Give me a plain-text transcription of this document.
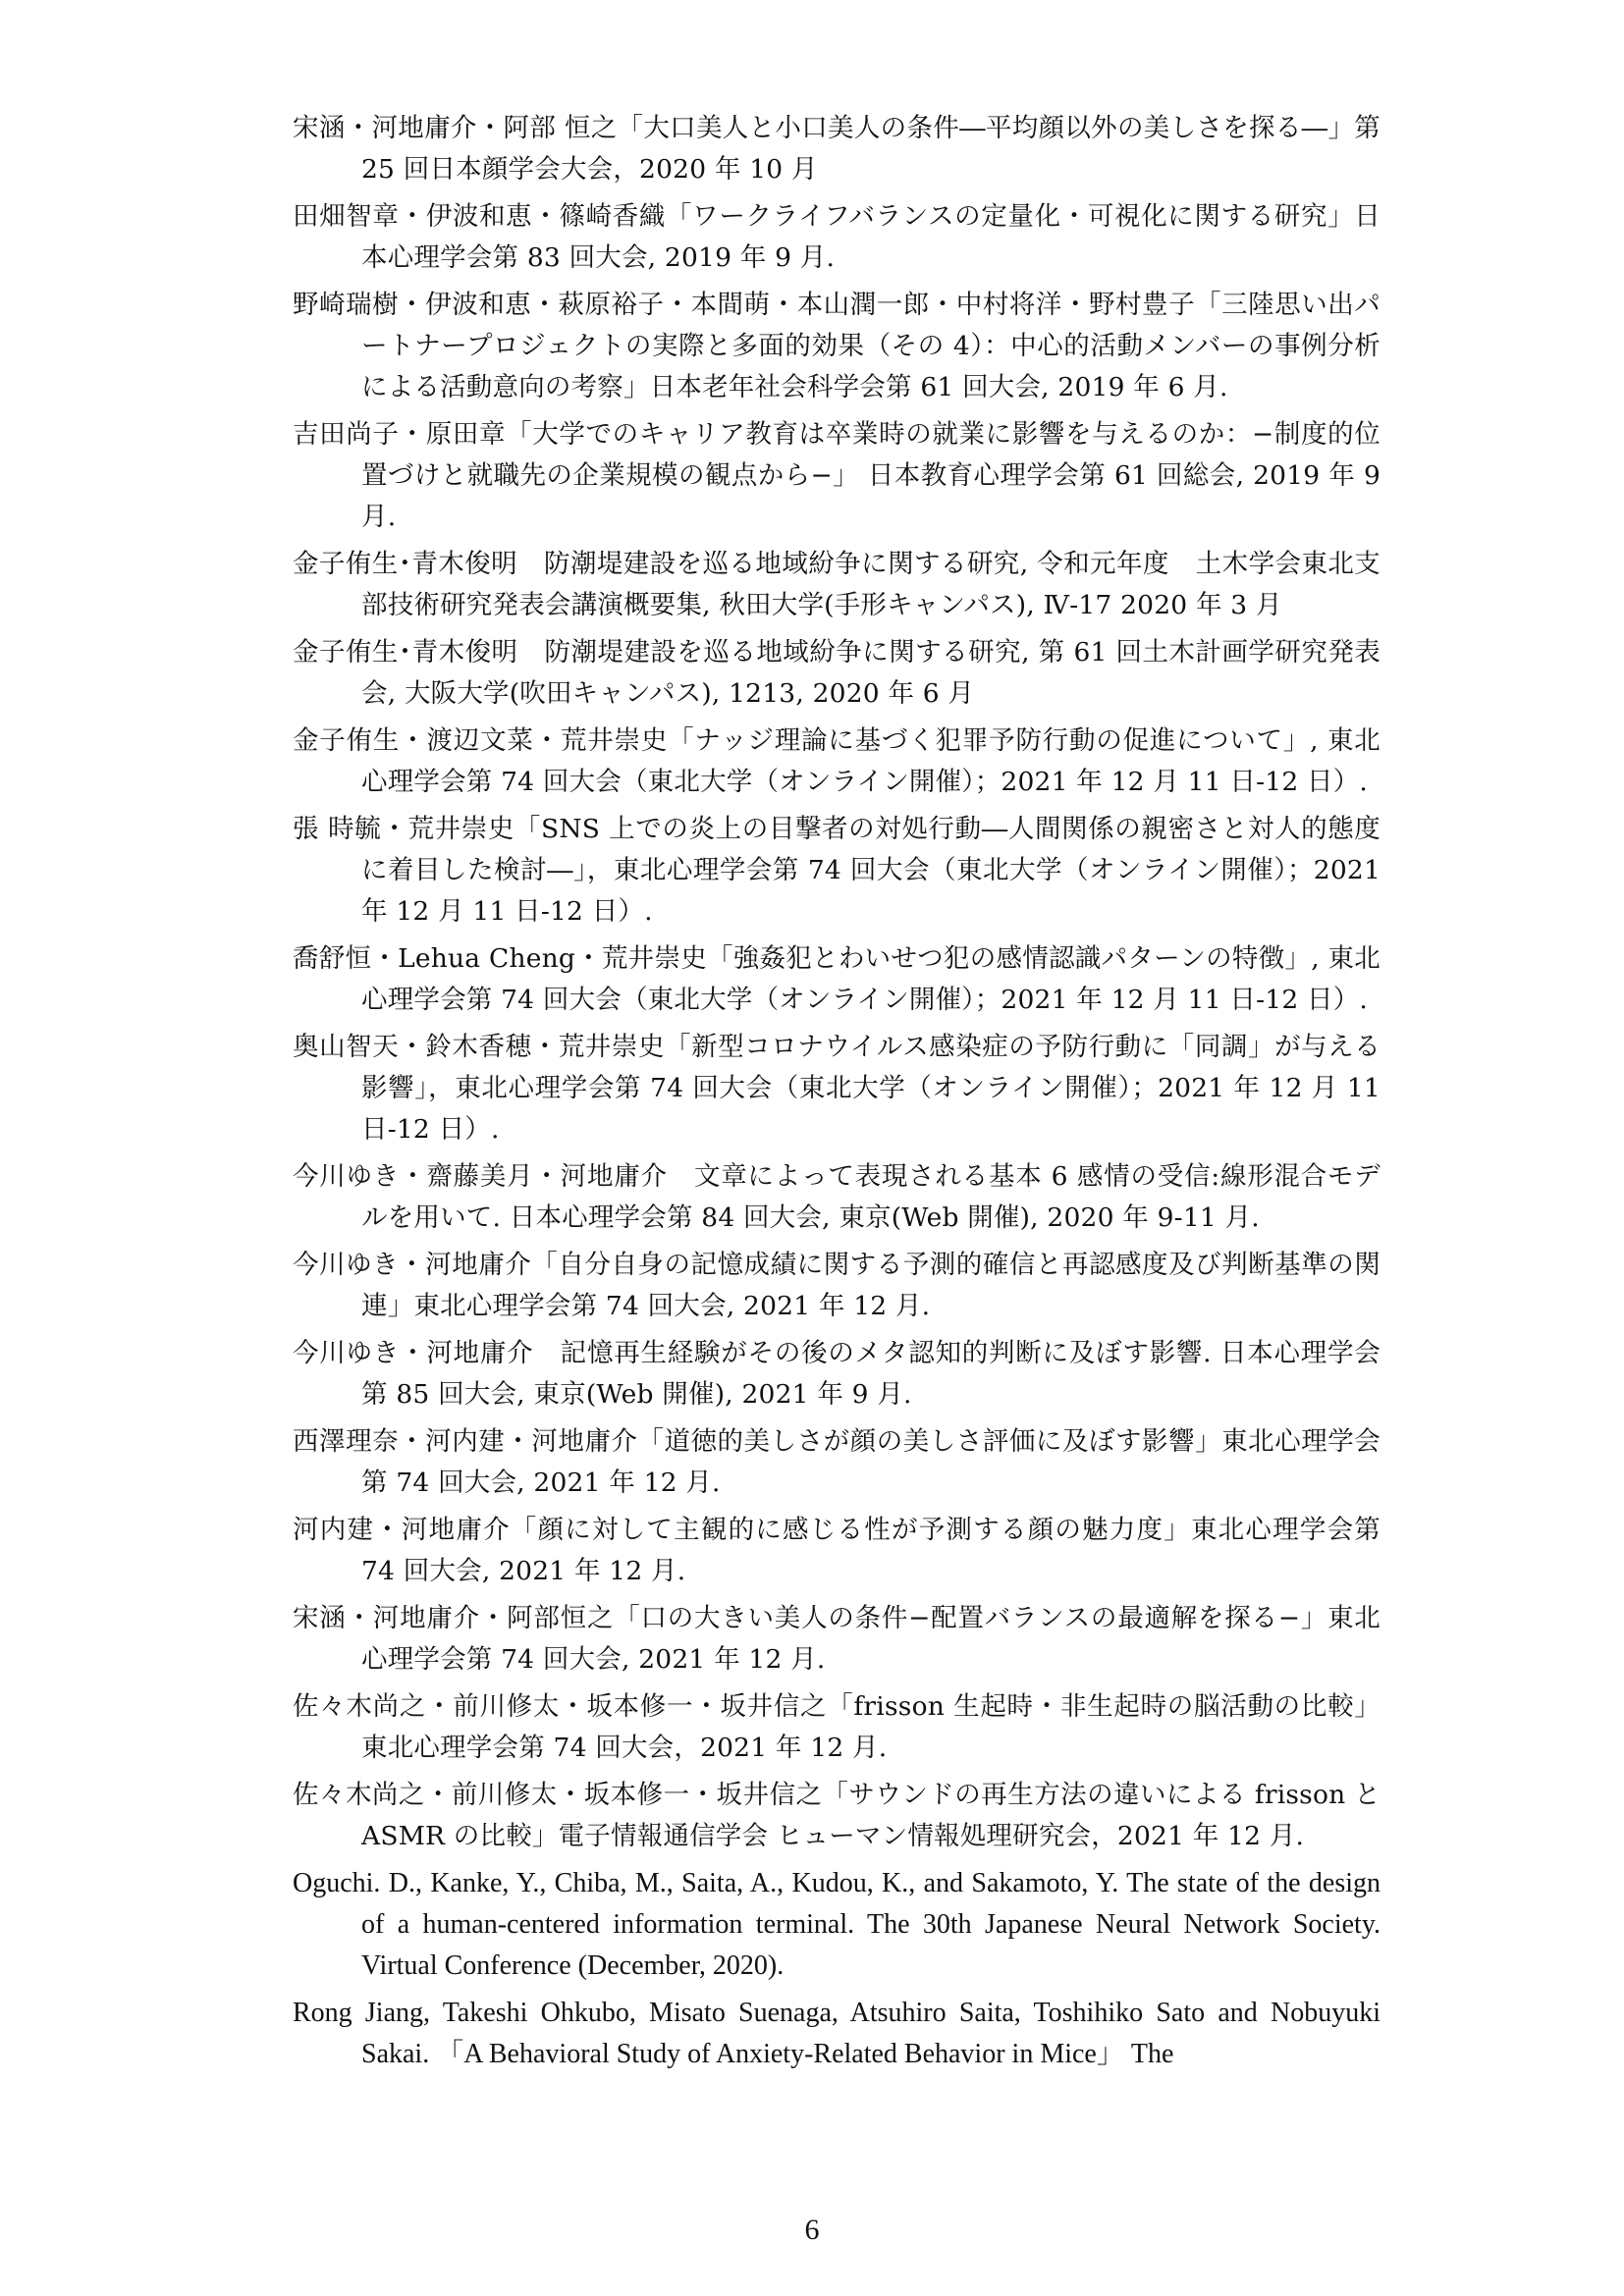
宋涵・河地庸介・阿部 恒之「大口美人と小口美人の条件―平均顔以外の美しさを探る―」第 25 回日本顔学会大会，2020 年 10 月
田畑智章・伊波和恵・篠崎香織「ワークライフバランスの定量化・可視化に関する研究」日本心理学会第 83 回大会, 2019 年 9 月.
野崎瑞樹・伊波和恵・萩原裕子・本間萌・本山潤一郎・中村将洋・野村豊子「三陸思い出パートナープロジェクトの実際と多面的効果（その 4）：中心的活動メンバーの事例分析による活動意向の考察」日本老年社会科学会第 61 回大会, 2019 年 6 月.
吉田尚子・原田章「大学でのキャリア教育は卒業時の就業に影響を与えるのか：−制度的位置づけと就職先の企業規模の観点から−」 日本教育心理学会第 61 回総会, 2019 年 9 月.
金子侑生･青木俊明　防潮堤建設を巡る地域紛争に関する研究, 令和元年度　土木学会東北支部技術研究発表会講演概要集, 秋田大学(手形キャンパス), Ⅳ-17 2020 年 3 月
金子侑生･青木俊明　防潮堤建設を巡る地域紛争に関する研究, 第 61 回土木計画学研究発表会, 大阪大学(吹田キャンパス), 1213, 2020 年 6 月
金子侑生・渡辺文菜・荒井崇史「ナッジ理論に基づく犯罪予防行動の促進について」, 東北心理学会第 74 回大会（東北大学（オンライン開催）；2021 年 12 月 11 日-12 日）.
張 時毓・荒井崇史「SNS 上での炎上の目撃者の対処行動―人間関係の親密さと対人的態度に着目した検討―」，東北心理学会第 74 回大会（東北大学（オンライン開催）；2021 年 12 月 11 日-12 日）.
喬舒恒・Lehua Cheng・荒井崇史「強姦犯とわいせつ犯の感情認識パターンの特徴」, 東北心理学会第 74 回大会（東北大学（オンライン開催）；2021 年 12 月 11 日-12 日）.
奥山智天・鈴木香穂・荒井崇史「新型コロナウイルス感染症の予防行動に「同調」が与える影響」，東北心理学会第 74 回大会（東北大学（オンライン開催）；2021 年 12 月 11 日-12 日）.
今川ゆき・齋藤美月・河地庸介　文章によって表現される基本 6 感情の受信:線形混合モデルを用いて. 日本心理学会第 84 回大会, 東京(Web 開催), 2020 年 9-11 月.
今川ゆき・河地庸介「自分自身の記憶成績に関する予測的確信と再認感度及び判断基準の関連」東北心理学会第 74 回大会, 2021 年 12 月.
今川ゆき・河地庸介　記憶再生経験がその後のメタ認知的判断に及ぼす影響. 日本心理学会第 85 回大会, 東京(Web 開催), 2021 年 9 月.
西澤理奈・河内建・河地庸介「道徳的美しさが顔の美しさ評価に及ぼす影響」東北心理学会第 74 回大会, 2021 年 12 月.
河内建・河地庸介「顔に対して主観的に感じる性が予測する顔の魅力度」東北心理学会第 74 回大会, 2021 年 12 月.
宋涵・河地庸介・阿部恒之「口の大きい美人の条件−配置バランスの最適解を探る−」東北心理学会第 74 回大会, 2021 年 12 月.
佐々木尚之・前川修太・坂本修一・坂井信之「frisson 生起時・非生起時の脳活動の比較」東北心理学会第 74 回大会，2021 年 12 月.
佐々木尚之・前川修太・坂本修一・坂井信之「サウンドの再生方法の違いによる frisson と ASMR の比較」電子情報通信学会 ヒューマン情報処理研究会，2021 年 12 月.
Oguchi. D., Kanke, Y., Chiba, M., Saita, A., Kudou, K., and Sakamoto, Y. The state of the design of a human-centered information terminal. The 30th Japanese Neural Network Society. Virtual Conference (December, 2020).
Rong Jiang, Takeshi Ohkubo, Misato Suenaga, Atsuhiro Saita, Toshihiko Sato and Nobuyuki Sakai. 「A Behavioral Study of Anxiety-Related Behavior in Mice」 The
6
